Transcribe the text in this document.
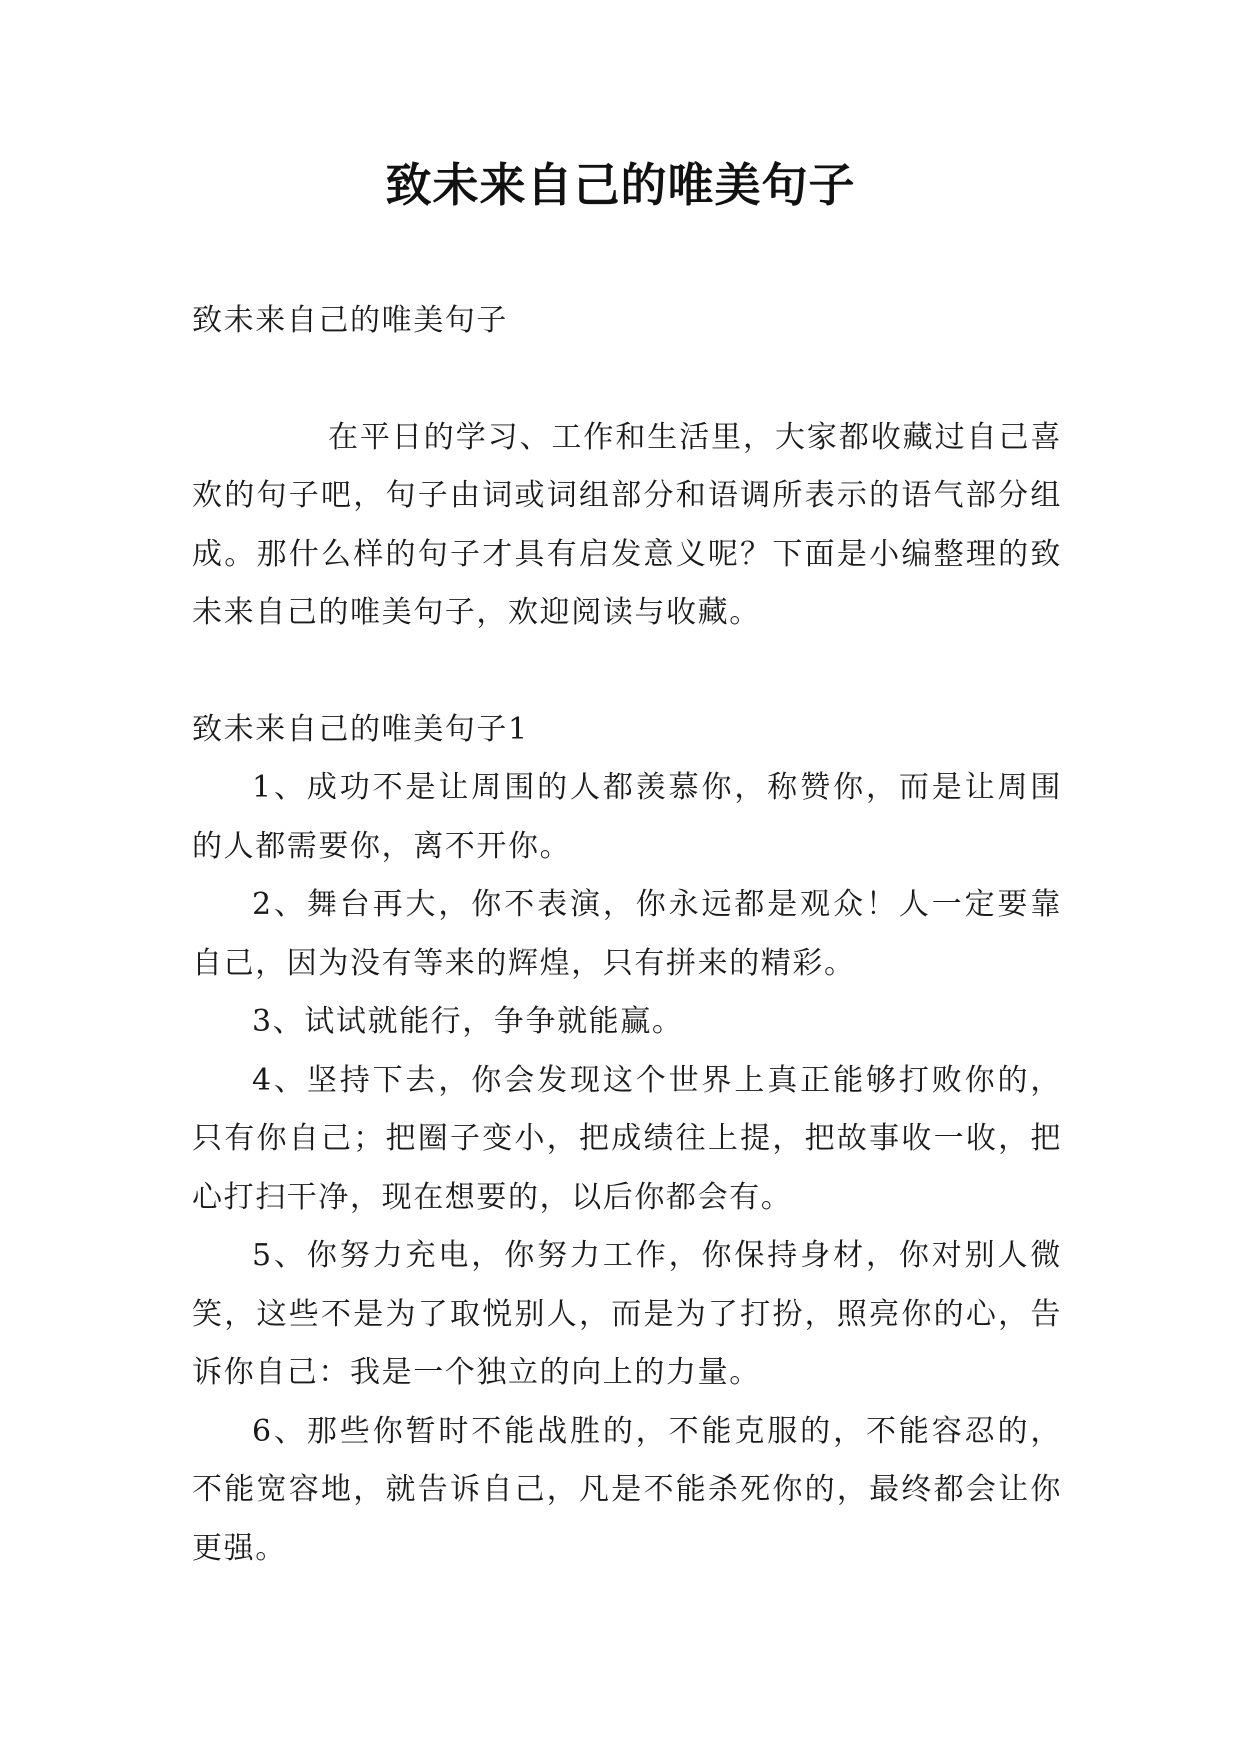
致未来自己的唯美句子

致未来自己的唯美句子

在平日的学习、工作和生活里，大家都收藏过自己喜欢的句子吧，句子由词或词组部分和语调所表示的语气部分组成。那什么样的句子才具有启发意义呢？下面是小编整理的致未来自己的唯美句子，欢迎阅读与收藏。

致未来自己的唯美句子1

1、成功不是让周围的人都羡慕你，称赞你，而是让周围的人都需要你，离不开你。

2、舞台再大，你不表演，你永远都是观众！人一定要靠自己，因为没有等来的辉煌，只有拼来的精彩。

3、试试就能行，争争就能赢。

4、坚持下去，你会发现这个世界上真正能够打败你的，只有你自己；把圈子变小，把成绩往上提，把故事收一收，把心打扫干净，现在想要的，以后你都会有。

5、你努力充电，你努力工作，你保持身材，你对别人微笑，这些不是为了取悦别人，而是为了打扮，照亮你的心，告诉你自己：我是一个独立的向上的力量。

6、那些你暂时不能战胜的，不能克服的，不能容忍的，不能宽容地，就告诉自己，凡是不能杀死你的，最终都会让你更强。
